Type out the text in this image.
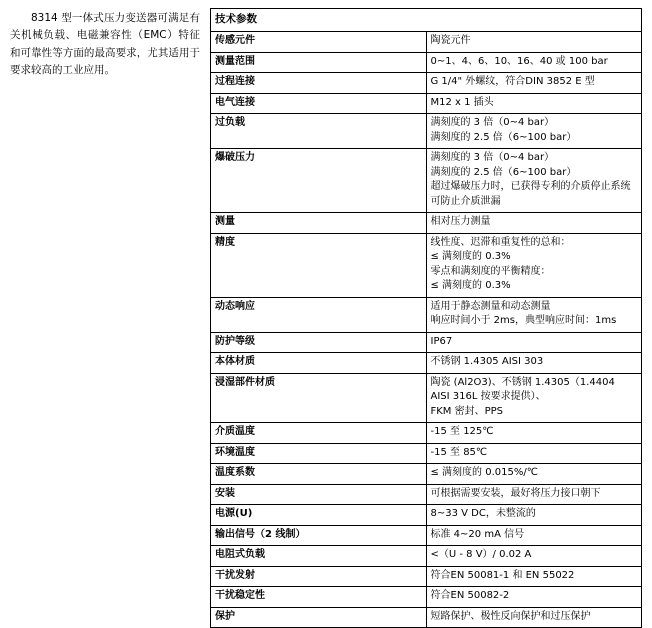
8314 型一体式压力变送器可满足有关机械负载、电磁兼容性（EMC）特征和可靠性等方面的最高要求，尤其适用于要求较高的工业应用。

技术参数	
传感元件	陶瓷元件

测量范围	0~1、4、6、10、16、40 或 100 bar

过程连接	G 1/4" 外螺纹，符合DIN 3852 E 型

电气连接	M12 x 1 插头

过负载	满刻度的 3 倍（0~4 bar）
满刻度的 2.5 倍（6~100 bar）

爆破压力	满刻度的 3 倍（0~4 bar）
满刻度的 2.5 倍（6~100 bar）
超过爆破压力时，已获得专利的介质停止系统可防止介质泄漏

测量	相对压力测量

精度	线性度、迟滞和重复性的总和：
≤ 满刻度的 0.3%
零点和满刻度的平衡精度：
≤ 满刻度的 0.3%

动态响应	适用于静态测量和动态测量
响应时间小于 2ms，典型响应时间：1ms

防护等级	IP67

本体材质	不锈钢 1.4305 AISI 303

浸湿部件材质	陶瓷 (Al2O3)、不锈钢 1.4305（1.4404 AISI 316L 按要求提供）、
FKM 密封、PPS

介质温度	-15 至 125℃

环境温度	-15 至 85℃

温度系数	≤ 满刻度的 0.015%/℃

安装	可根据需要安装，最好将压力接口朝下

电源(U)	8~33 V DC，未整流的

输出信号（2 线制）	标准 4~20 mA 信号

电阻式负载	<（U - 8 V）/ 0.02 A

干扰发射	符合EN 50081-1 和 EN 55022

干扰稳定性	符合EN 50082-2

保护	短路保护、极性反向保护和过压保护
